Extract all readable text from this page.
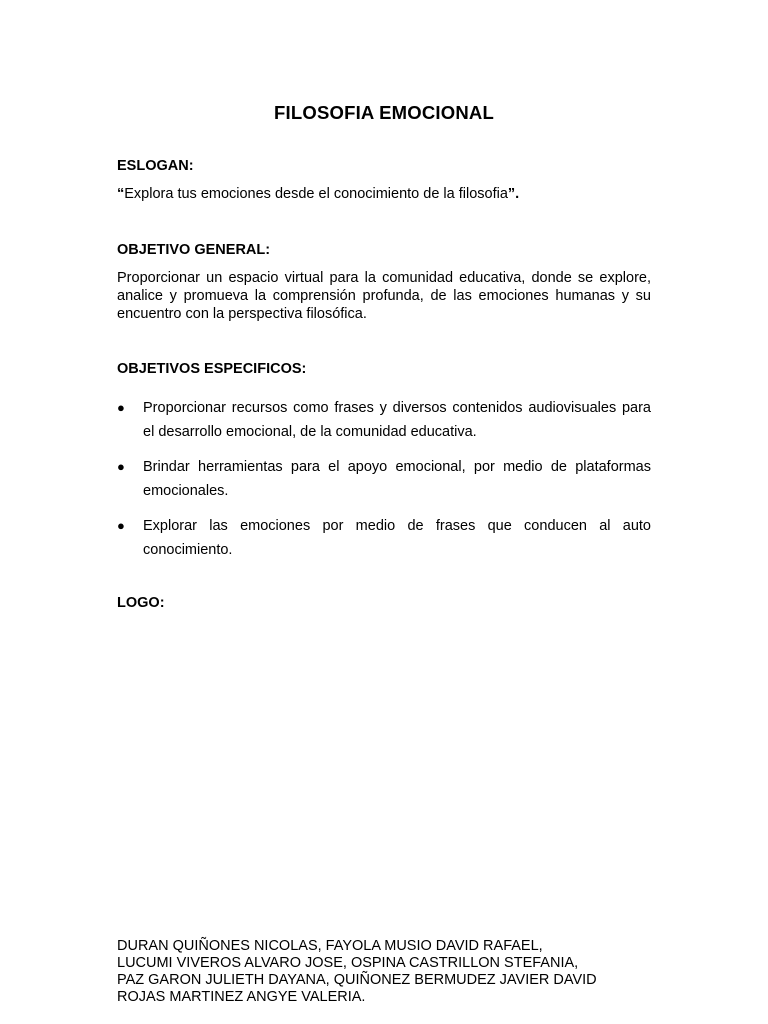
FILOSOFIA EMOCIONAL
ESLOGAN:
“Explora tus emociones desde el conocimiento de la filosofia”.
OBJETIVO GENERAL:
Proporcionar un espacio virtual para la comunidad educativa, donde se explore, analice y promueva la comprensión profunda, de las emociones humanas y su encuentro con la perspectiva filosófica.
OBJETIVOS ESPECIFICOS:
● Proporcionar recursos como frases y diversos contenidos audiovisuales para el desarrollo emocional, de la comunidad educativa.
● Brindar herramientas para el apoyo emocional, por medio de plataformas emocionales.
● Explorar las emociones por medio de frases que conducen al auto conocimiento.
LOGO:
DURAN QUIÑONES NICOLAS, FAYOLA MUSIO DAVID RAFAEL,
LUCUMI VIVEROS ALVARO JOSE, OSPINA CASTRILLON STEFANIA,
PAZ GARON JULIETH DAYANA, QUIÑONEZ BERMUDEZ JAVIER DAVID
ROJAS MARTINEZ ANGYE VALERIA.
